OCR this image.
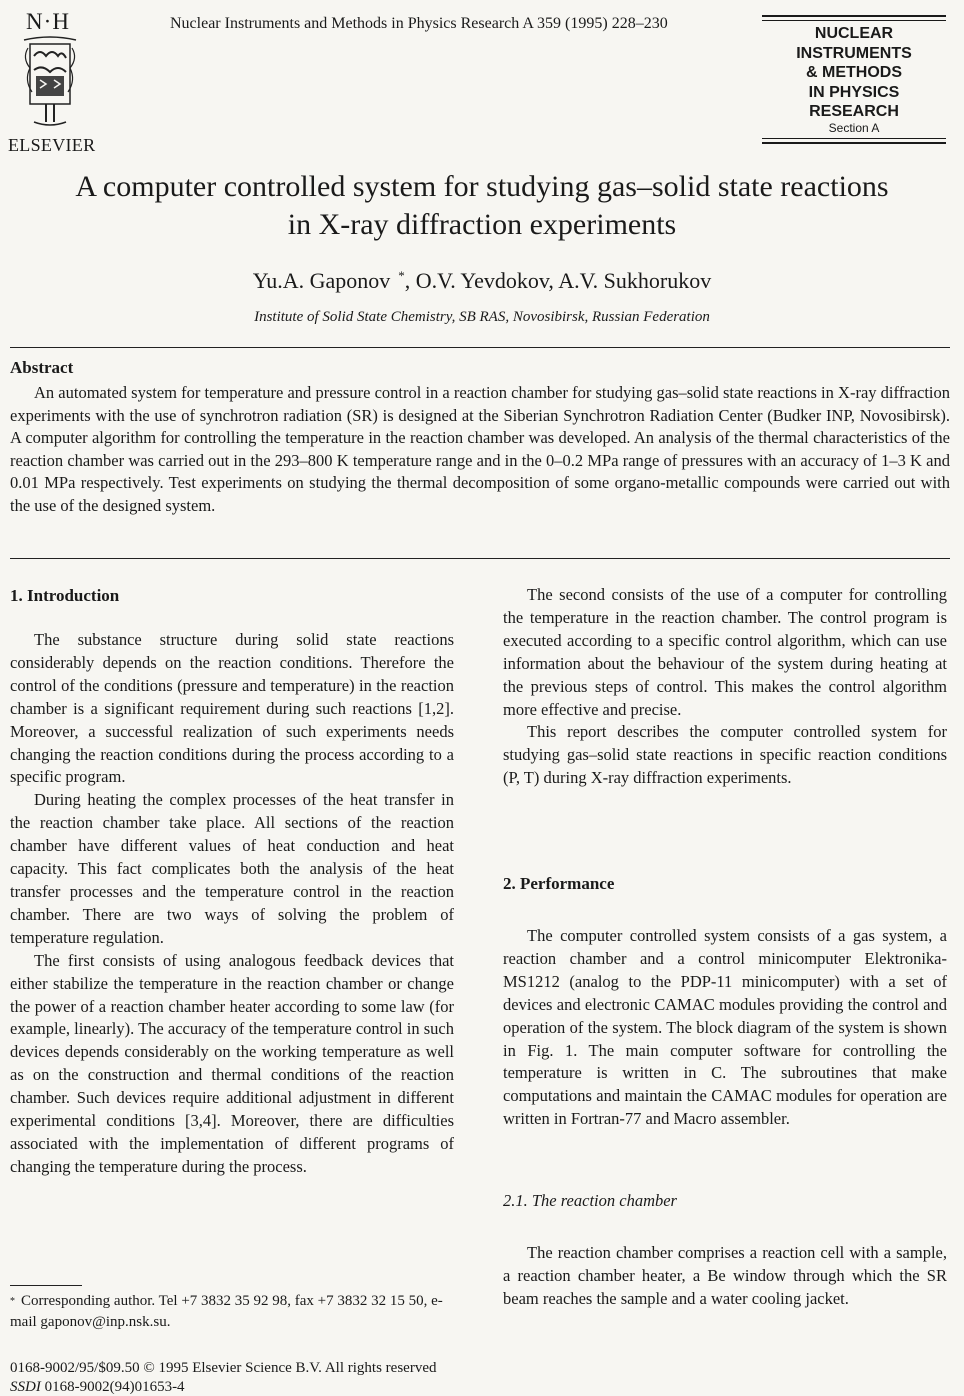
N·H
ELSEVIER
Nuclear Instruments and Methods in Physics Research A 359 (1995) 228–230
NUCLEAR
INSTRUMENTS
& METHODS
IN PHYSICS
RESEARCH
Section A
A computer controlled system for studying gas–solid state reactions
in X-ray diffraction experiments
Yu.A. Gaponov *, O.V. Yevdokov, A.V. Sukhorukov
Institute of Solid State Chemistry, SB RAS, Novosibirsk, Russian Federation
Abstract
An automated system for temperature and pressure control in a reaction chamber for studying gas–solid state reactions in X-ray diffraction experiments with the use of synchrotron radiation (SR) is designed at the Siberian Synchrotron Radiation Center (Budker INP, Novosibirsk). A computer algorithm for controlling the temperature in the reaction chamber was developed. An analysis of the thermal characteristics of the reaction chamber was carried out in the 293–800 K temperature range and in the 0–0.2 MPa range of pressures with an accuracy of 1–3 K and 0.01 MPa respectively. Test experiments on studying the thermal decomposition of some organo-metallic compounds were carried out with the use of the designed system.
1. Introduction

The substance structure during solid state reactions considerably depends on the reaction conditions. Therefore the control of the conditions (pressure and temperature) in the reaction chamber is a significant requirement during such reactions [1,2]. Moreover, a successful realization of such experiments needs changing the reaction conditions during the process according to a specific program.

During heating the complex processes of the heat transfer in the reaction chamber take place. All sections of the reaction chamber have different values of heat conduction and heat capacity. This fact complicates both the analysis of the heat transfer processes and the temperature control in the reaction chamber. There are two ways of solving the problem of temperature regulation.

The first consists of using analogous feedback devices that either stabilize the temperature in the reaction chamber or change the power of a reaction chamber heater according to some law (for example, linearly). The accuracy of the temperature control in such devices depends considerably on the working temperature as well as on the construction and thermal conditions of the reaction chamber. Such devices require additional adjustment in different experimental conditions [3,4]. Moreover, there are difficulties associated with the implementation of different programs of changing the temperature during the process.

The second consists of the use of a computer for controlling the temperature in the reaction chamber. The control program is executed according to a specific control algorithm, which can use information about the behaviour of the system during heating at the previous steps of control. This makes the control algorithm more effective and precise.

This report describes the computer controlled system for studying gas–solid state reactions in specific reaction conditions (P, T) during X-ray diffraction experiments.

2. Performance

The computer controlled system consists of a gas system, a reaction chamber and a control minicomputer Elektronika-MS1212 (analog to the PDP-11 minicomputer) with a set of devices and electronic CAMAC modules providing the control and operation of the system. The block diagram of the system is shown in Fig. 1. The main computer software for controlling the temperature is written in C. The subroutines that make computations and maintain the CAMAC modules for operation are written in Fortran-77 and Macro assembler.

2.1. The reaction chamber

The reaction chamber comprises a reaction cell with a sample, a reaction chamber heater, a Be window through which the SR beam reaches the sample and a water cooling jacket.

* Corresponding author. Tel +7 3832 35 92 98, fax +7 3832 32 15 50, e-mail gaponov@inp.nsk.su.
0168-9002/95/$09.50 © 1995 Elsevier Science B.V. All rights reserved
SSDI 0168-9002(94)01653-4
